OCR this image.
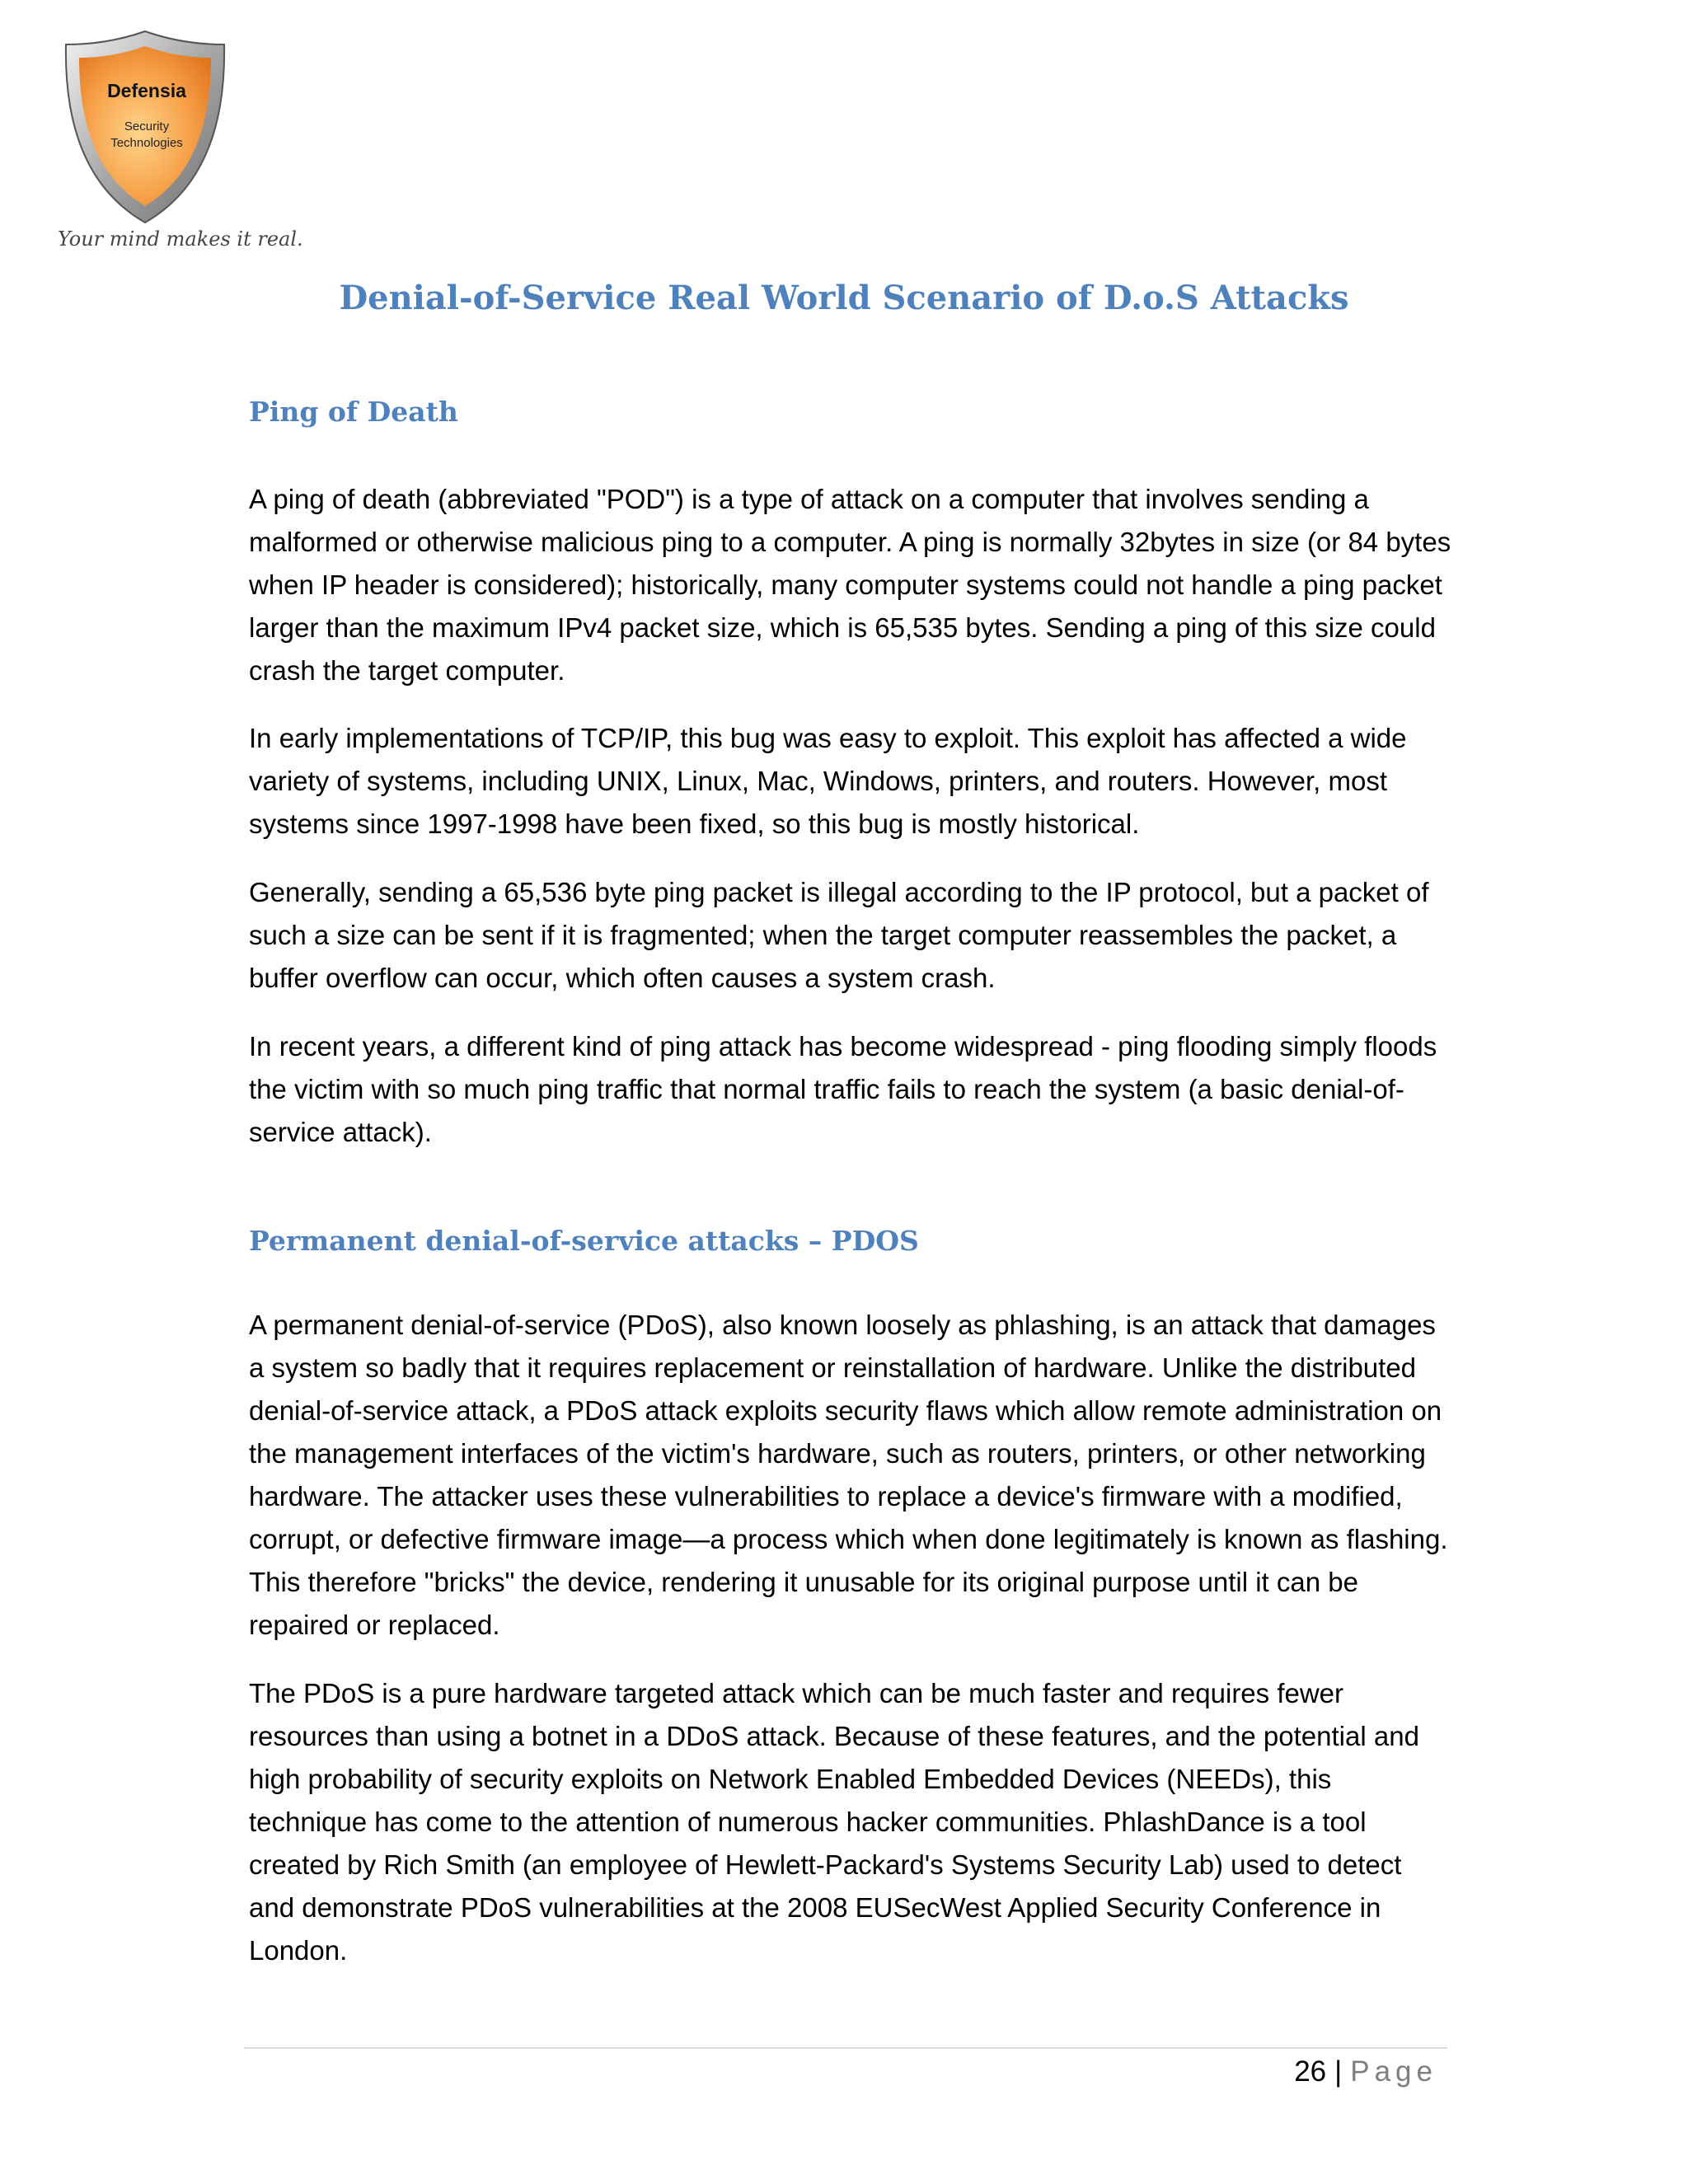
Defensia
Security
Technologies
Your mind makes it real.
Denial-of-Service Real World Scenario of D.o.S Attacks
Ping of Death

A ping of death (abbreviated "POD") is a type of attack on a computer that involves sending a malformed or otherwise malicious ping to a computer. A ping is normally 32bytes in size (or 84 bytes when IP header is considered); historically, many computer systems could not handle a ping packet larger than the maximum IPv4 packet size, which is 65,535 bytes. Sending a ping of this size could crash the target computer.

In early implementations of TCP/IP, this bug was easy to exploit. This exploit has affected a wide variety of systems, including UNIX, Linux, Mac, Windows, printers, and routers. However, most systems since 1997-1998 have been fixed, so this bug is mostly historical.

Generally, sending a 65,536 byte ping packet is illegal according to the IP protocol, but a packet of such a size can be sent if it is fragmented; when the target computer reassembles the packet, a buffer overflow can occur, which often causes a system crash.

In recent years, a different kind of ping attack has become widespread - ping flooding simply floods the victim with so much ping traffic that normal traffic fails to reach the system (a basic denial-of-service attack).

Permanent denial-of-service attacks – PDOS

A permanent denial-of-service (PDoS), also known loosely as phlashing, is an attack that damages a system so badly that it requires replacement or reinstallation of hardware. Unlike the distributed denial-of-service attack, a PDoS attack exploits security flaws which allow remote administration on the management interfaces of the victim's hardware, such as routers, printers, or other networking hardware. The attacker uses these vulnerabilities to replace a device's firmware with a modified, corrupt, or defective firmware image—a process which when done legitimately is known as flashing. This therefore "bricks" the device, rendering it unusable for its original purpose until it can be repaired or replaced.

The PDoS is a pure hardware targeted attack which can be much faster and requires fewer resources than using a botnet in a DDoS attack. Because of these features, and the potential and high probability of security exploits on Network Enabled Embedded Devices (NEEDs), this technique has come to the attention of numerous hacker communities. PhlashDance is a tool created by Rich Smith (an employee of Hewlett-Packard's Systems Security Lab) used to detect and demonstrate PDoS vulnerabilities at the 2008 EUSecWest Applied Security Conference in London.

26 | Page
